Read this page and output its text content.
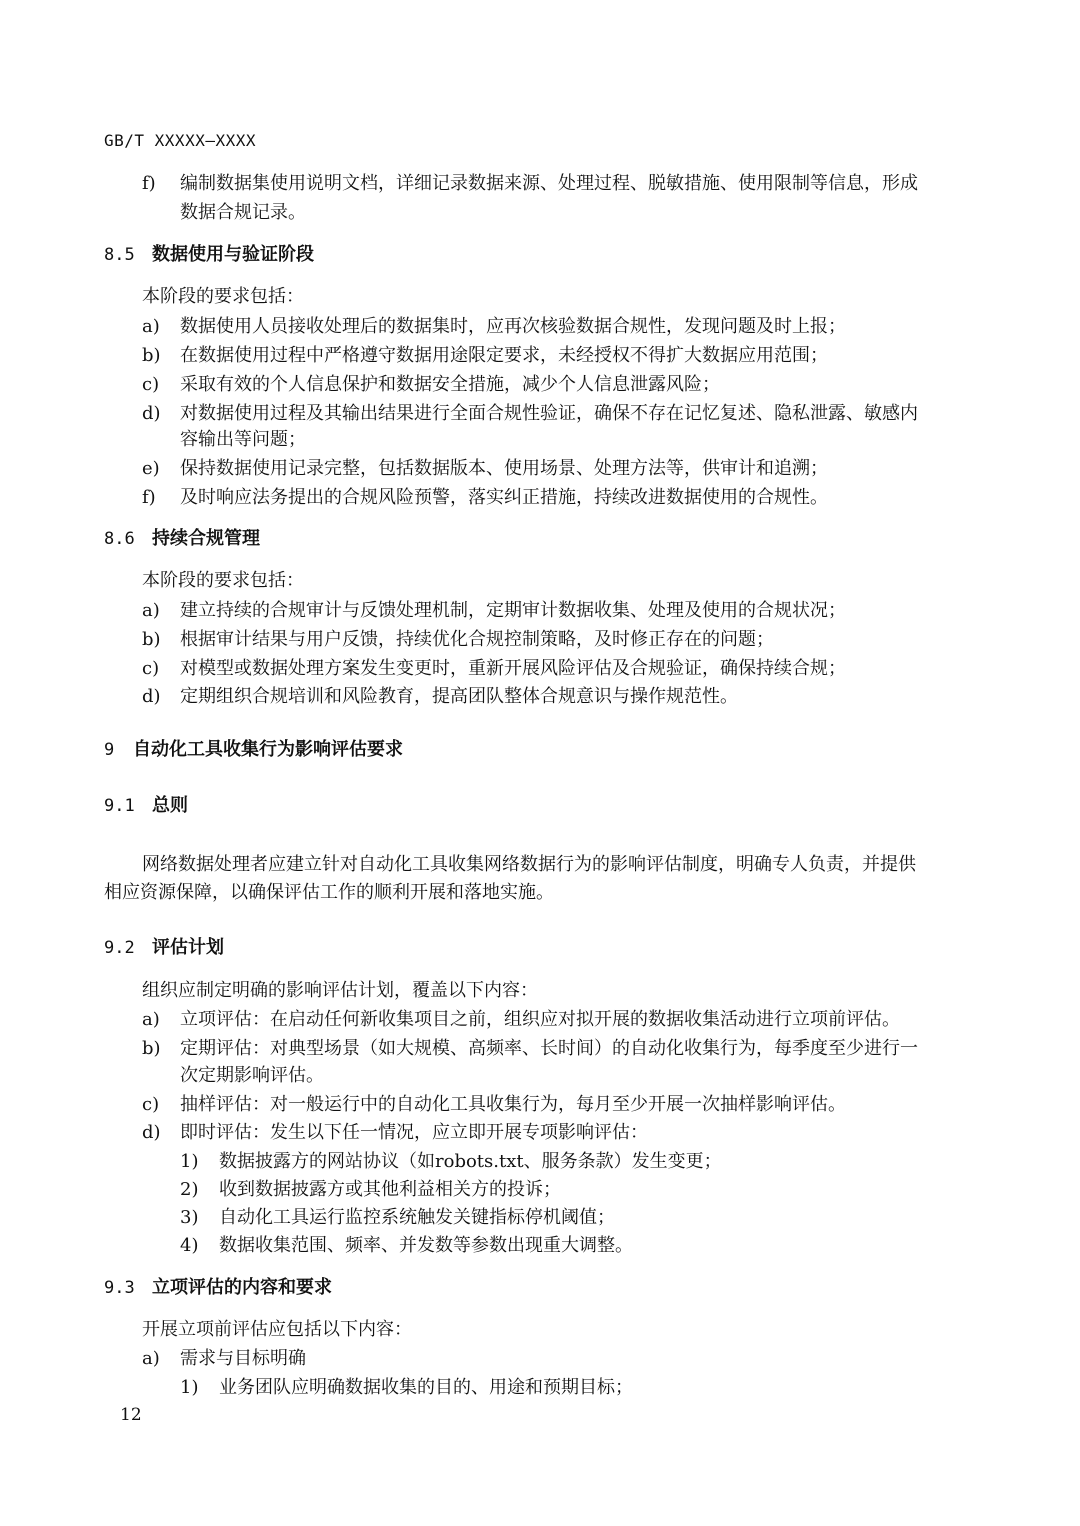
GB/T XXXXX—XXXX
f) 编制数据集使用说明文档，详细记录数据来源、处理过程、脱敏措施、使用限制等信息，形成
数据合规记录。
8.5 数据使用与验证阶段
本阶段的要求包括：
a) 数据使用人员接收处理后的数据集时，应再次核验数据合规性，发现问题及时上报；
b) 在数据使用过程中严格遵守数据用途限定要求，未经授权不得扩大数据应用范围；
c) 采取有效的个人信息保护和数据安全措施，减少个人信息泄露风险；
d) 对数据使用过程及其输出结果进行全面合规性验证，确保不存在记忆复述、隐私泄露、敏感内
容输出等问题；
e) 保持数据使用记录完整，包括数据版本、使用场景、处理方法等，供审计和追溯；
f) 及时响应法务提出的合规风险预警，落实纠正措施，持续改进数据使用的合规性。
8.6 持续合规管理
本阶段的要求包括：
a) 建立持续的合规审计与反馈处理机制，定期审计数据收集、处理及使用的合规状况；
b) 根据审计结果与用户反馈，持续优化合规控制策略，及时修正存在的问题；
c) 对模型或数据处理方案发生变更时，重新开展风险评估及合规验证，确保持续合规；
d) 定期组织合规培训和风险教育，提高团队整体合规意识与操作规范性。
9 自动化工具收集行为影响评估要求
9.1 总则
网络数据处理者应建立针对自动化工具收集网络数据行为的影响评估制度，明确专人负责，并提供
相应资源保障，以确保评估工作的顺利开展和落地实施。
9.2 评估计划
组织应制定明确的影响评估计划，覆盖以下内容：
a) 立项评估：在启动任何新收集项目之前，组织应对拟开展的数据收集活动进行立项前评估。
b) 定期评估：对典型场景（如大规模、高频率、长时间）的自动化收集行为，每季度至少进行一
次定期影响评估。
c) 抽样评估：对一般运行中的自动化工具收集行为，每月至少开展一次抽样影响评估。
d) 即时评估：发生以下任一情况，应立即开展专项影响评估：
1) 数据披露方的网站协议（如robots.txt、服务条款）发生变更；
2) 收到数据披露方或其他利益相关方的投诉；
3) 自动化工具运行监控系统触发关键指标停机阈值；
4) 数据收集范围、频率、并发数等参数出现重大调整。
9.3 立项评估的内容和要求
开展立项前评估应包括以下内容：
a) 需求与目标明确
1) 业务团队应明确数据收集的目的、用途和预期目标；
12
